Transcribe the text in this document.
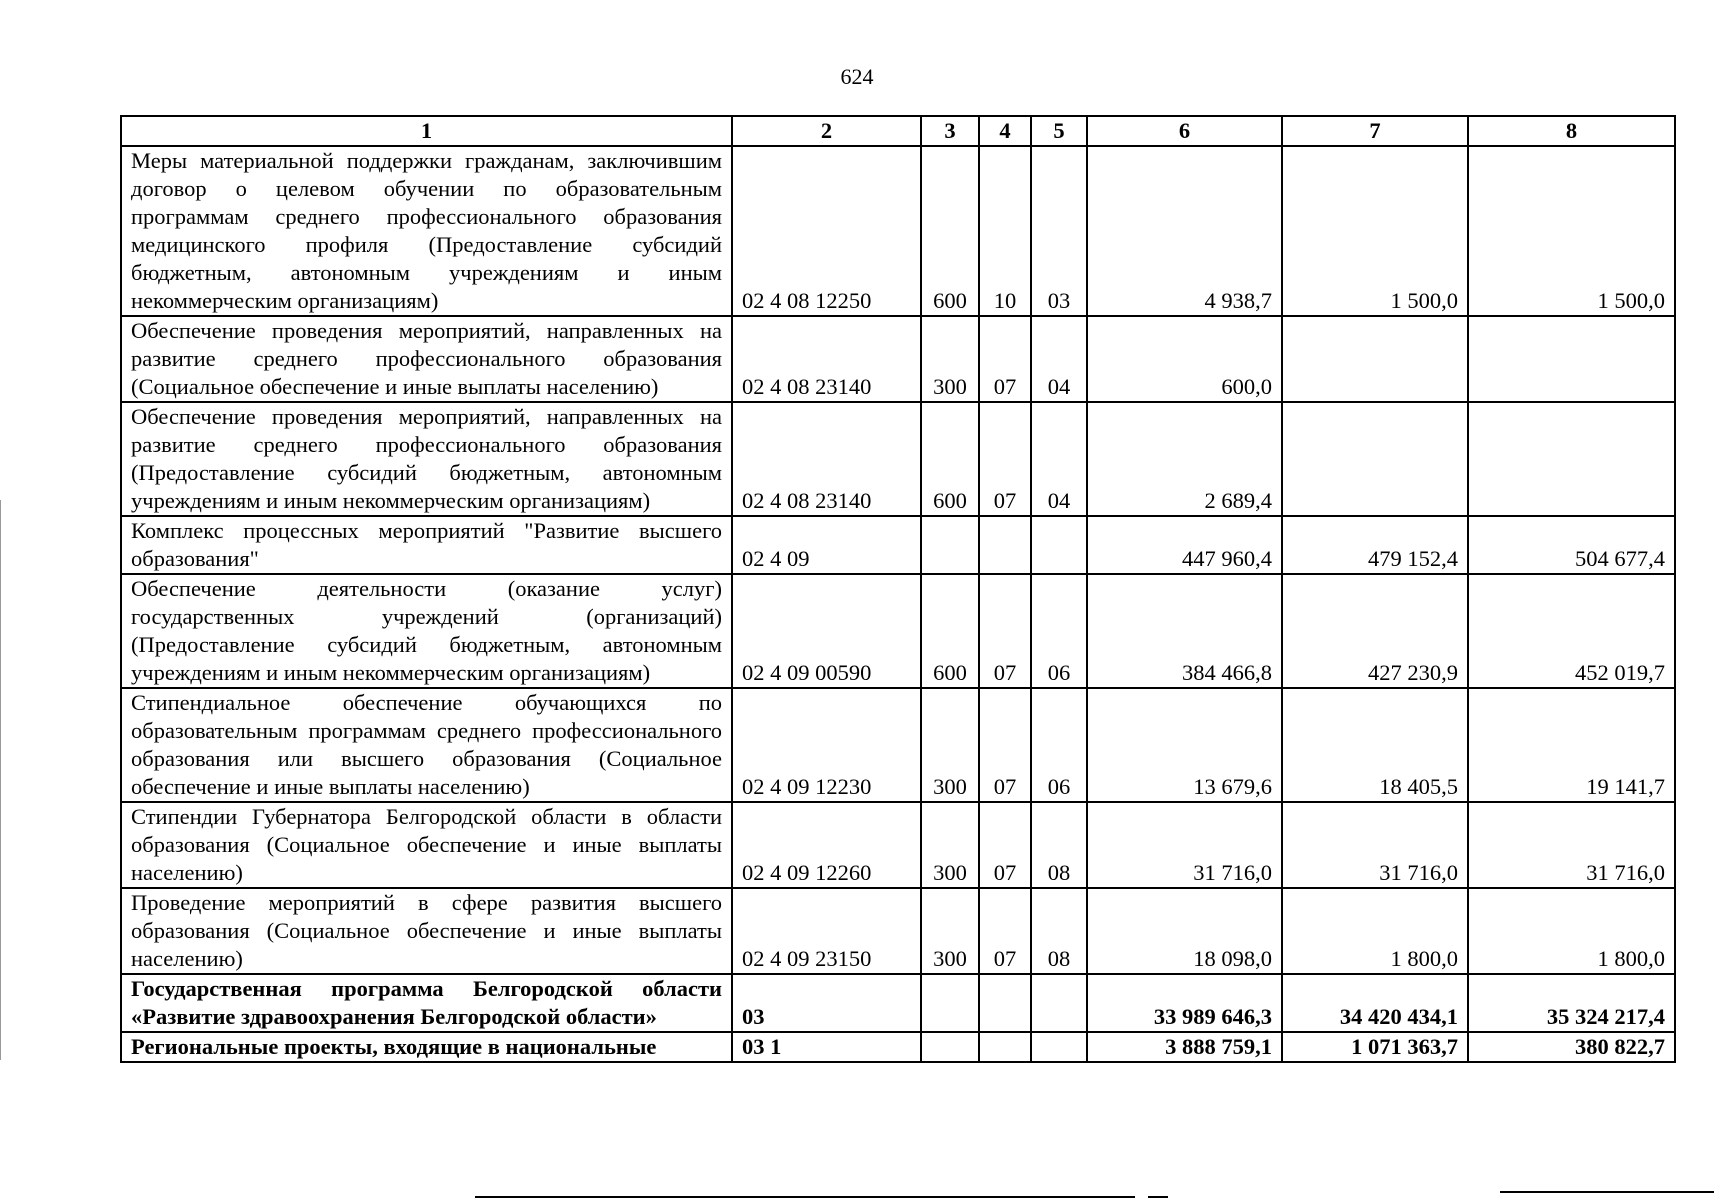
624
1	2	3	4	5	6	7	8
Меры материальной поддержки гражданам, заключившим договор о целевом обучении по образовательным программам среднего профессионального образования медицинского профиля (Предоставление субсидий бюджетным, автономным учреждениям и иным некоммерческим организациям)	02 4 08 12250	600	10	03	4 938,7	1 500,0	1 500,0
Обеспечение проведения мероприятий, направленных на развитие среднего профессионального образования (Социальное обеспечение и иные выплаты населению)	02 4 08 23140	300	07	04	600,0		
Обеспечение проведения мероприятий, направленных на развитие среднего профессионального образования (Предоставление субсидий бюджетным, автономным учреждениям и иным некоммерческим организациям)	02 4 08 23140	600	07	04	2 689,4		
Комплекс процессных мероприятий "Развитие высшего образования"	02 4 09				447 960,4	479 152,4	504 677,4
Обеспечение деятельности (оказание услуг) государственных учреждений (организаций) (Предоставление субсидий бюджетным, автономным учреждениям и иным некоммерческим организациям)	02 4 09 00590	600	07	06	384 466,8	427 230,9	452 019,7
Стипендиальное обеспечение обучающихся по образовательным программам среднего профессионального образования или высшего образования (Социальное обеспечение и иные выплаты населению)	02 4 09 12230	300	07	06	13 679,6	18 405,5	19 141,7
Стипендии Губернатора Белгородской области в области образования (Социальное обеспечение и иные выплаты населению)	02 4 09 12260	300	07	08	31 716,0	31 716,0	31 716,0
Проведение мероприятий в сфере развития высшего образования (Социальное обеспечение и иные выплаты населению)	02 4 09 23150	300	07	08	18 098,0	1 800,0	1 800,0
Государственная программа Белгородской области «Развитие здравоохранения Белгородской области»	03				33 989 646,3	34 420 434,1	35 324 217,4
Региональные проекты, входящие в национальные	03 1				3 888 759,1	1 071 363,7	380 822,7
